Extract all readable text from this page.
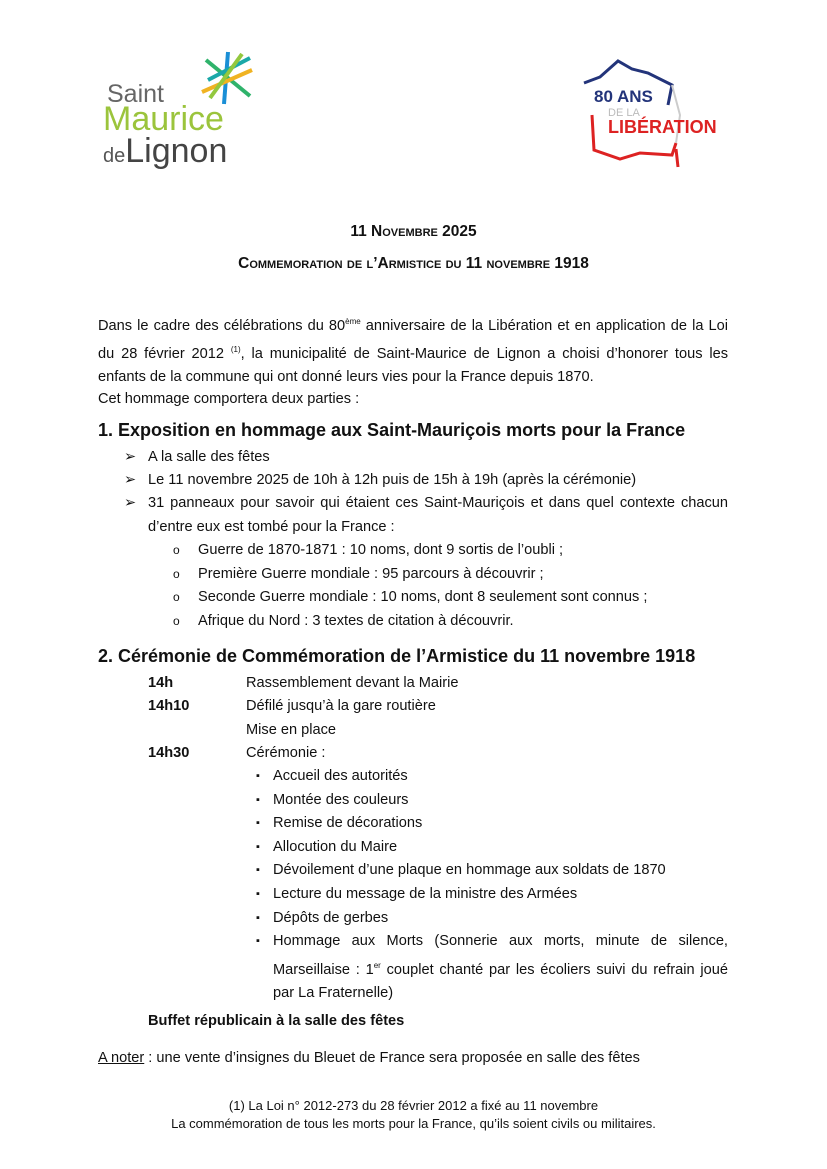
Saint
Maurice
deLignon
80 ANS
DE LA
LIBÉRATION
11 Novembre 2025
Commemoration de l’Armistice du 11 novembre 1918
Dans le cadre des célébrations du 80ème anniversaire de la Libération et en application de la Loi du 28 février 2012 $^{(1)}$, la municipalité de Saint-Maurice de Lignon a choisi d’honorer tous les enfants de la commune qui ont donné leurs vies pour la France depuis 1870.
Cet hommage comportera deux parties :
1. Exposition en hommage aux Saint-Mauriçois morts pour la France
➢ A la salle des fêtes
➢ Le 11 novembre 2025 de 10h à 12h puis de 15h à 19h (après la cérémonie)
➢ 31 panneaux pour savoir qui étaient ces Saint-Mauriçois et dans quel contexte chacun d’entre eux est tombé pour la France :
o Guerre de 1870-1871 : 10 noms, dont 9 sortis de l’oubli ;
o Première Guerre mondiale : 95 parcours à découvrir ;
o Seconde Guerre mondiale : 10 noms, dont 8 seulement sont connus ;
o Afrique du Nord : 3 textes de citation à découvrir.
2. Cérémonie de Commémoration de l’Armistice du 11 novembre 1918
14h	Rassemblement devant la Mairie
14h10	Défilé jusqu’à la gare routière
Mise en place
14h30	Cérémonie :
▪ Accueil des autorités
▪ Montée des couleurs
▪ Remise de décorations
▪ Allocution du Maire
▪ Dévoilement d’une plaque en hommage aux soldats de 1870
▪ Lecture du message de la ministre des Armées
▪ Dépôts de gerbes
▪ Hommage aux Morts (Sonnerie aux morts, minute de silence, Marseillaise : 1er couplet chanté par les écoliers suivi du refrain joué par La Fraternelle)
Buffet républicain à la salle des fêtes
A noter : une vente d’insignes du Bleuet de France sera proposée en salle des fêtes
(1) La Loi n° 2012-273 du 28 février 2012 a fixé au 11 novembre
La commémoration de tous les morts pour la France, qu’ils soient civils ou militaires.
